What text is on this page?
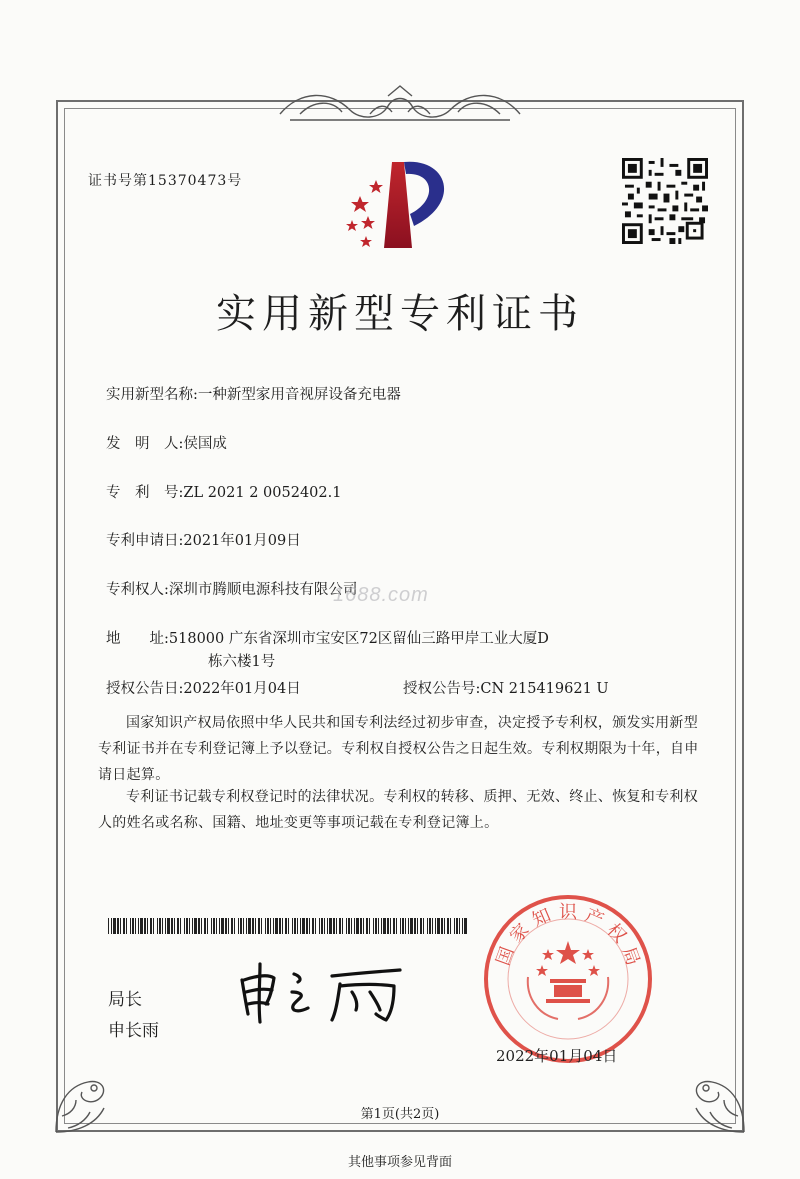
证书号第15370473号
实用新型专利证书
实用新型名称:一种新型家用音视屏设备充电器
发　明　人:侯国成
专　利　号:ZL 2021 2 0052402.1
专利申请日:2021年01月09日
专利权人:深圳市腾顺电源科技有限公司
1688.com
地　　址:518000 广东省深圳市宝安区72区留仙三路甲岸工业大厦D
栋六楼1号
授权公告日:2022年01月04日	授权公告号:CN 215419621 U
国家知识产权局依照中华人民共和国专利法经过初步审查，决定授予专利权，颁发实用新型专利证书并在专利登记簿上予以登记。专利权自授权公告之日起生效。专利权期限为十年，自申请日起算。
专利证书记载专利权登记时的法律状况。专利权的转移、质押、无效、终止、恢复和专利权人的姓名或名称、国籍、地址变更等事项记载在专利登记簿上。
局长
申长雨
国
家
知 识 产
权
局
2022年01月04日
第1页(共2页)
其他事项参见背面
